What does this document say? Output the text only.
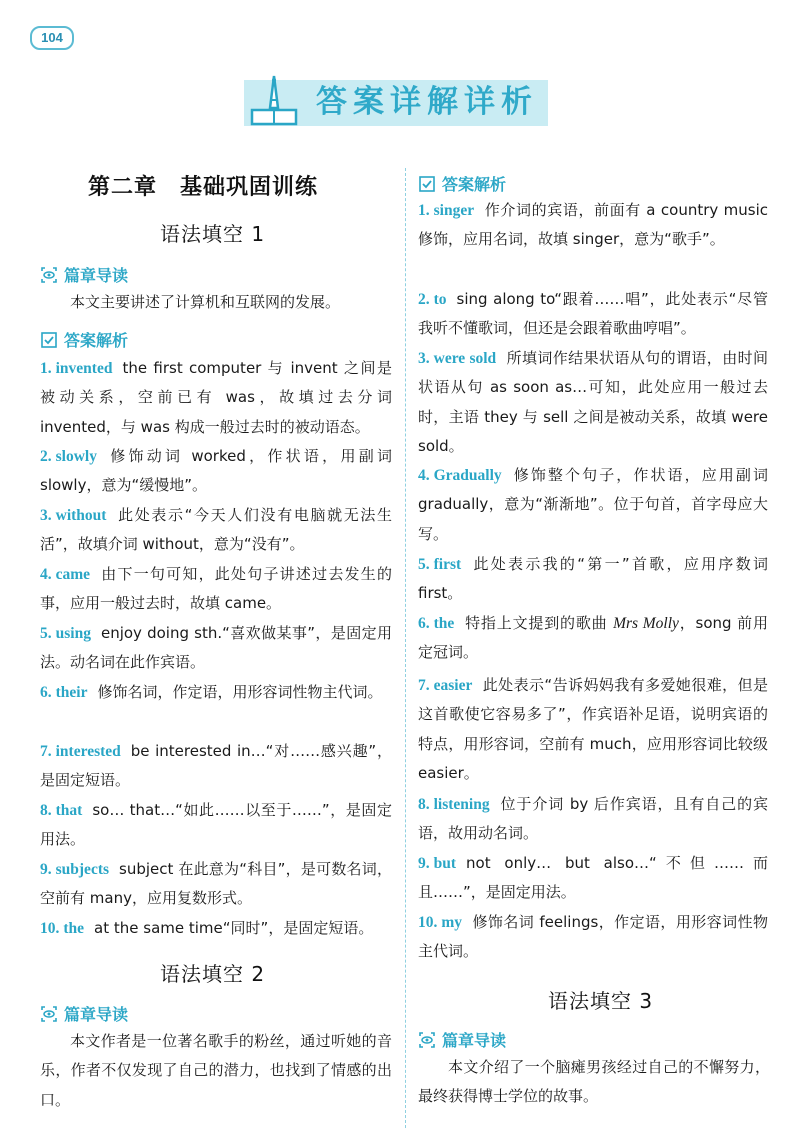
104
答案详解详析
第二章　基础巩固训练
语法填空 1
篇章导读
本文主要讲述了计算机和互联网的发展。
答案解析
1. invented the first computer 与 invent 之间是被动关系，空前已有 was，故填过去分词 invented，与 was 构成一般过去时的被动语态。
2. slowly 修饰动词 worked，作状语，用副词 slowly，意为“缓慢地”。
3. without 此处表示“今天人们没有电脑就无法生活”，故填介词 without，意为“没有”。
4. came 由下一句可知，此处句子讲述过去发生的事，应用一般过去时，故填 came。
5. using enjoy doing sth.“喜欢做某事”，是固定用法。动名词在此作宾语。
6. their 修饰名词，作定语，用形容词性物主代词。
7. interested be interested in…“对……感兴趣”，是固定短语。
8. that so… that…“如此……以至于……”，是固定用法。
9. subjects subject 在此意为“科目”，是可数名词，空前有 many，应用复数形式。
10. the at the same time“同时”，是固定短语。
语法填空 2
篇章导读
本文作者是一位著名歌手的粉丝，通过听她的音乐，作者不仅发现了自己的潜力，也找到了情感的出口。
答案解析
1. singer 作介词的宾语，前面有 a country music 修饰，应用名词，故填 singer，意为“歌手”。
2. to sing along to“跟着……唱”，此处表示“尽管我听不懂歌词，但还是会跟着歌曲哼唱”。
3. were sold 所填词作结果状语从句的谓语，由时间状语从句 as soon as…可知，此处应用一般过去时，主语 they 与 sell 之间是被动关系，故填 were sold。
4. Gradually 修饰整个句子，作状语，应用副词 gradually，意为“渐渐地”。位于句首，首字母应大写。
5. first 此处表示我的“第一”首歌，应用序数词 first。
6. the 特指上文提到的歌曲 Mrs Molly，song 前用定冠词。
7. easier 此处表示“告诉妈妈我有多爱她很难，但是这首歌使它容易多了”，作宾语补足语，说明宾语的特点，用形容词，空前有 much，应用形容词比较级 easier。
8. listening 位于介词 by 后作宾语，且有自己的宾语，故用动名词。
9. but not only… but also…“不但……而且……”，是固定用法。
10. my 修饰名词 feelings，作定语，用形容词性物主代词。
语法填空 3
篇章导读
本文介绍了一个脑瘫男孩经过自己的不懈努力，最终获得博士学位的故事。
